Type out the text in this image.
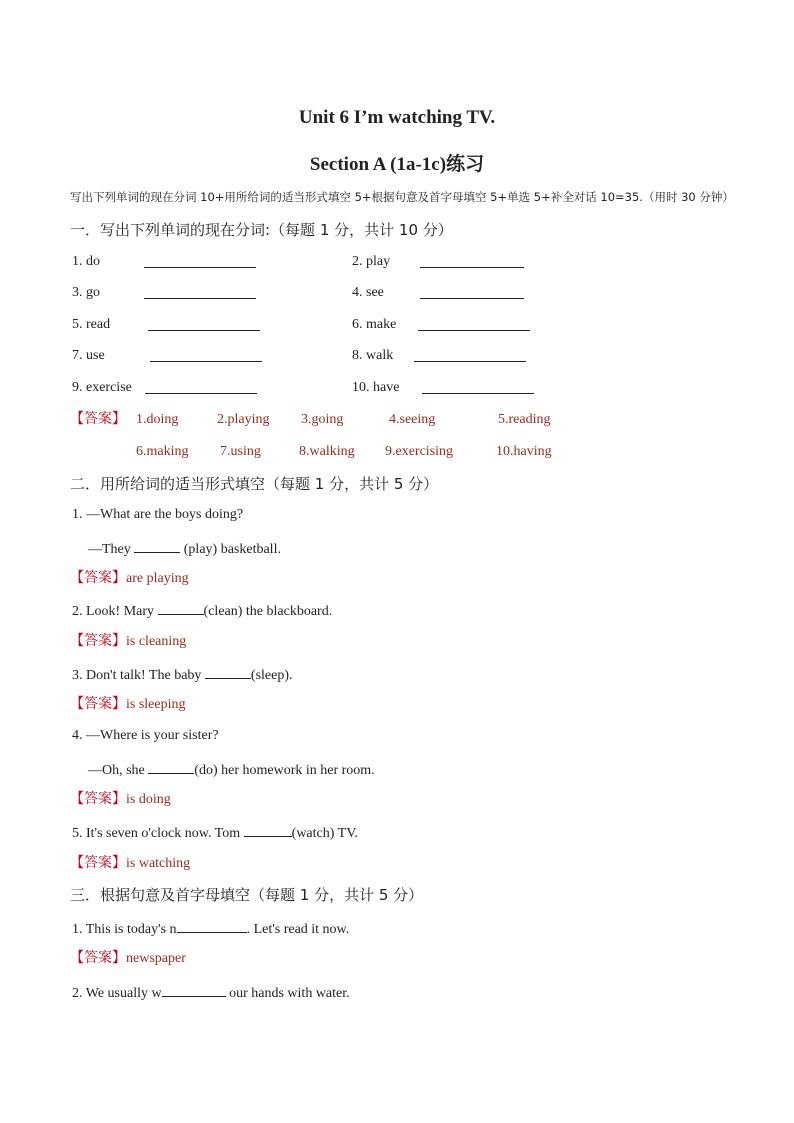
Unit 6 I’m watching TV.
Section A (1a-1c)练习
写出下列单词的现在分词 10+用所给词的适当形式填空 5+根据句意及首字母填空 5+单选 5+补全对话 10=35.（用时 30 分钟）
一．写出下列单词的现在分词:（每题 1 分，共计 10 分）
1. do	2. play
3. go	4. see
5. read	6. make
7. use	8. walk
9. exercise	10. have
【答案】 1.doing	2.playing 3.going	4.seeing	5.reading
6.making 7.using	8.walking 9.exercising	10.having
二．用所给词的适当形式填空（每题 1 分，共计 5 分）
1. —What are the boys doing?
—They	(play) basketball.
【答案】are playing
2. Look! Mary	(clean) the blackboard.
【答案】is cleaning
3. Don't talk! The baby	(sleep).
【答案】is sleeping
4. —Where is your sister?
—Oh, she	(do) her homework in her room.
【答案】is doing
5. It's seven o'clock now. Tom	(watch) TV.
【答案】is watching
三．根据句意及首字母填空（每题 1 分，共计 5 分）
1. This is today's n	. Let's read it now.
【答案】newspaper
2. We usually w	our hands with water.
